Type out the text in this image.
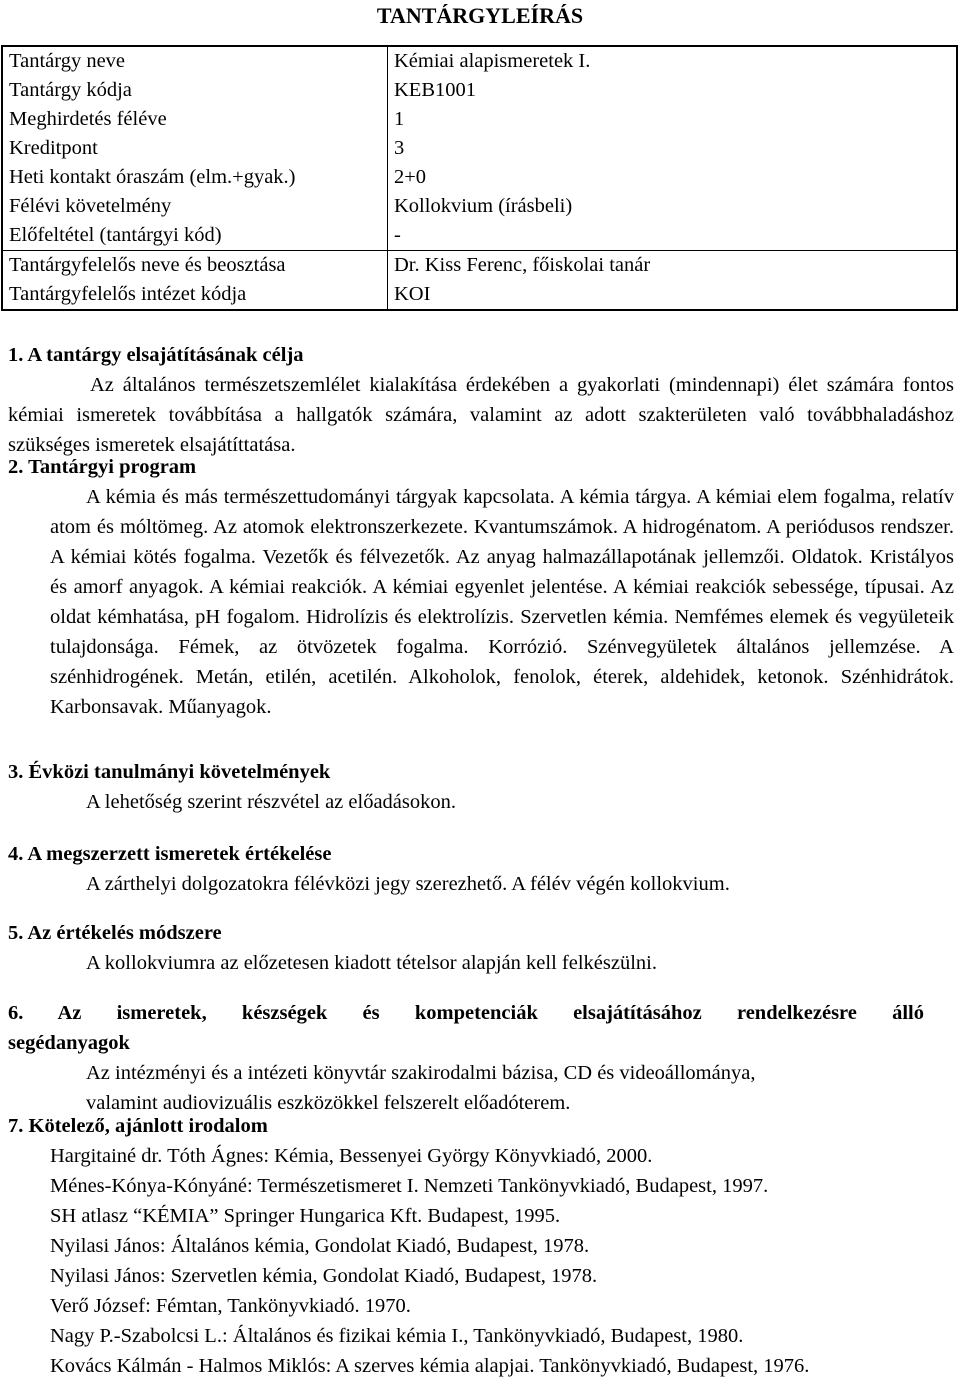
TANTÁRGYLEÍRÁS
Tantárgy neve	Kémiai alapismeretek I.
Tantárgy kódja	KEB1001
Meghirdetés féléve	1
Kreditpont	3
Heti kontakt óraszám (elm.+gyak.)	2+0
Félévi követelmény	Kollokvium (írásbeli)
Előfeltétel (tantárgyi kód)	-
Tantárgyfelelős neve és beosztása	Dr. Kiss Ferenc, főiskolai tanár
Tantárgyfelelős intézet kódja	KOI
1. A tantárgy elsajátításának célja
Az általános természetszemlélet kialakítása érdekében a gyakorlati (mindennapi) élet számára fontos kémiai ismeretek továbbítása a hallgatók számára, valamint az adott szakterületen való továbbhaladáshoz szükséges ismeretek elsajátíttatása.
2. Tantárgyi program
A kémia és más természettudományi tárgyak kapcsolata. A kémia tárgya. A kémiai elem fogalma, relatív atom és móltömeg. Az atomok elektronszerkezete. Kvantumszámok. A hidrogénatom. A periódusos rendszer. A kémiai kötés fogalma. Vezetők és félvezetők. Az anyag halmazállapotának jellemzői. Oldatok. Kristályos és amorf anyagok. A kémiai reakciók. A kémiai egyenlet jelentése. A kémiai reakciók sebessége, típusai. Az oldat kémhatása, pH fogalom. Hidrolízis és elektrolízis. Szervetlen kémia. Nemfémes elemek és vegyületeik tulajdonsága. Fémek, az ötvözetek fogalma. Korrózió. Szénvegyületek általános jellemzése. A szénhidrogének. Metán, etilén, acetilén. Alkoholok, fenolok, éterek, aldehidek, ketonok. Szénhidrátok. Karbonsavak. Műanyagok.
3. Évközi tanulmányi követelmények
A lehetőség szerint részvétel az előadásokon.
4. A megszerzett ismeretek értékelése
A zárthelyi dolgozatokra félévközi jegy szerezhető. A félév végén kollokvium.
5. Az értékelés módszere
A kollokviumra az előzetesen kiadott tételsor alapján kell felkészülni.
6. Az ismeretek, készségek és kompetenciák elsajátításához rendelkezésre álló
segédanyagok
Az intézményi és a intézeti könyvtár szakirodalmi bázisa, CD és videoállománya,
valamint audiovizuális eszközökkel felszerelt előadóterem.
7. Kötelező, ajánlott irodalom
Hargitainé dr. Tóth Ágnes: Kémia, Bessenyei György Könyvkiadó, 2000.
Ménes-Kónya-Kónyáné: Természetismeret I. Nemzeti Tankönyvkiadó, Budapest, 1997.
SH atlasz “KÉMIA” Springer Hungarica Kft. Budapest, 1995.
Nyilasi János: Általános kémia, Gondolat Kiadó, Budapest, 1978.
Nyilasi János: Szervetlen kémia, Gondolat Kiadó, Budapest, 1978.
Verő József: Fémtan, Tankönyvkiadó. 1970.
Nagy P.-Szabolcsi L.: Általános és fizikai kémia I., Tankönyvkiadó, Budapest, 1980.
Kovács Kálmán - Halmos Miklós: A szerves kémia alapjai. Tankönyvkiadó, Budapest, 1976.
